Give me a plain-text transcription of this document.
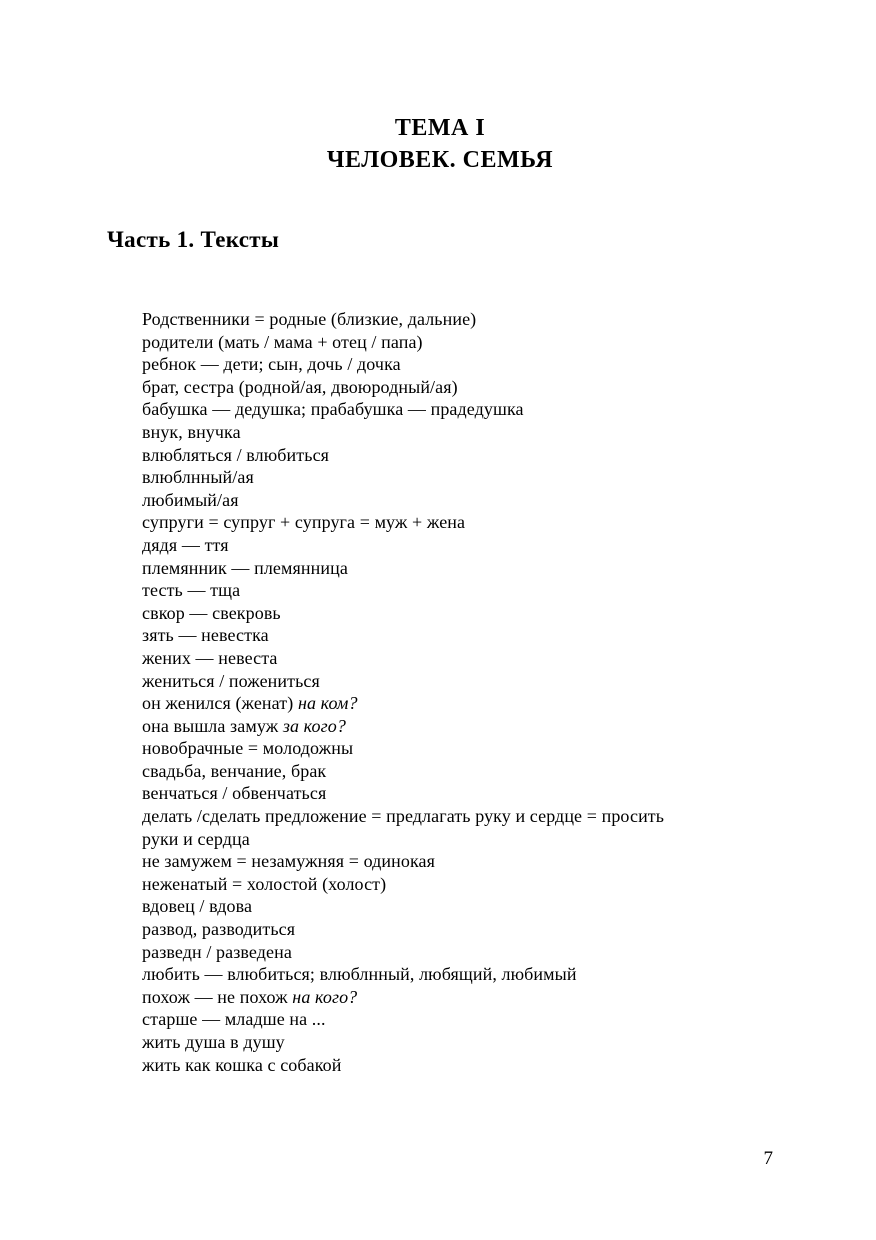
ТЕМА I
ЧЕЛОВЕК. СЕМЬЯ
Часть 1. Тексты
Родственники = родные (близкие, дальние)
родители (мать / мама + отец / папа)
ребнок — дети; сын, дочь / дочка
брат, сестра (родной/ая, двоюродный/ая)
бабушка — дедушка; прабабушка — прадедушка
внук, внучка
влюбляться / влюбиться
влюблнный/ая
любимый/ая
супруги = супруг + супруга = муж + жена
дядя — ття
племянник — племянница
тесть — тща
свкор — свекровь
зять — невестка
жених — невеста
жениться / пожениться
он женился (женат) на ком?
она вышла замуж за кого?
новобрачные = молодожны
свадьба, венчание, брак
венчаться / обвенчаться
делать /сделать предложение = предлагать руку и сердце = просить
руки и сердца
не замужем = незамужняя = одинокая
неженатый = холостой (холост)
вдовец / вдова
развод, разводиться
разведн / разведена
любить — влюбиться; влюблнный, любящий, любимый
похож — не похож на кого?
старше — младше на ...
жить душа в душу
жить как кошка с собакой
7
